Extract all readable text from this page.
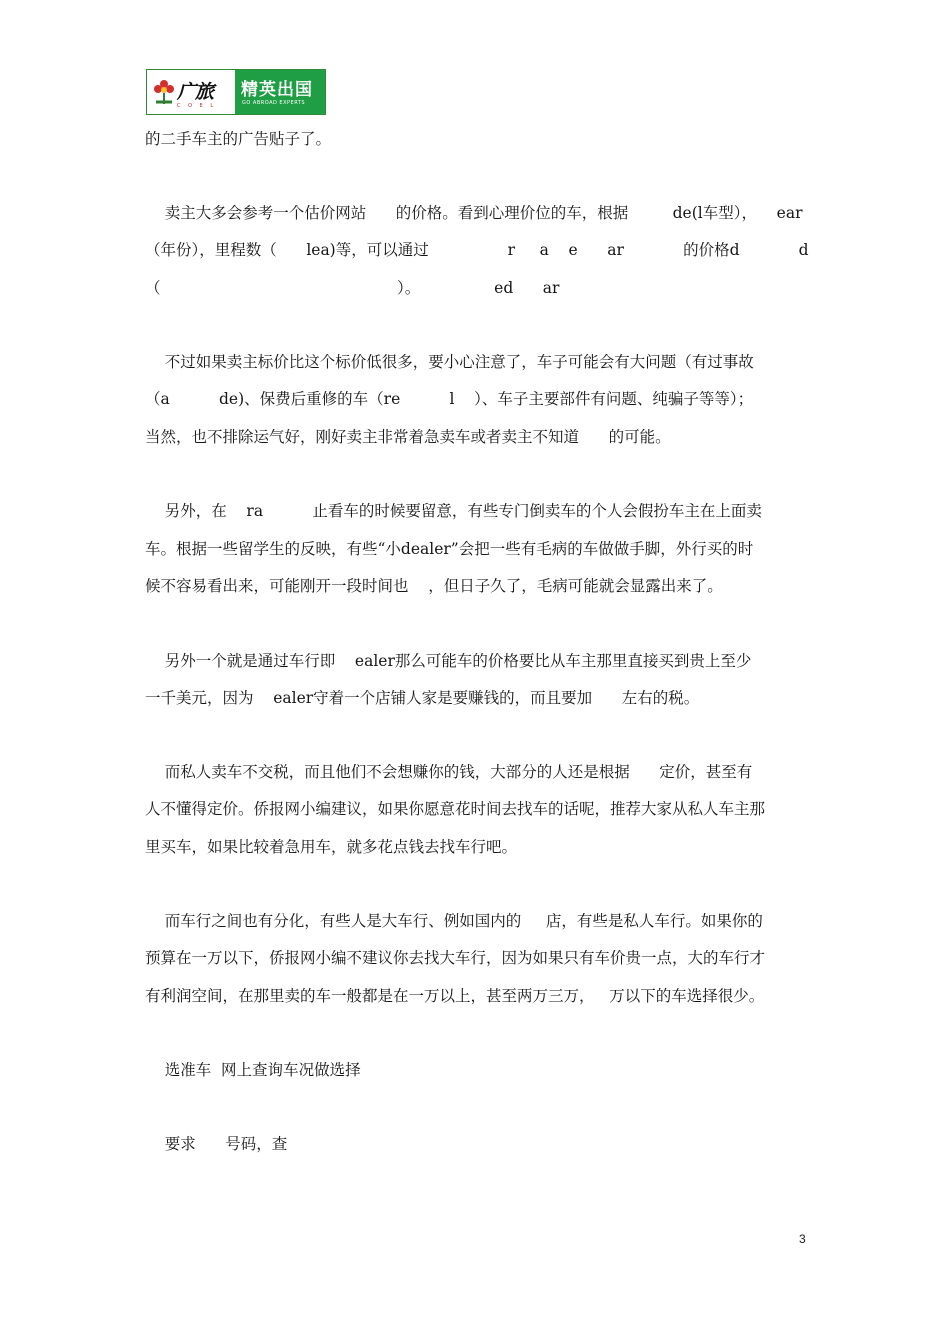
广旅
C O E L
精英出国
GO ABROAD EXPERTS
的二手车主的广告贴子了。
卖主大多会参考一个估价网站      的价格。看到心理价位的车，根据         de(l车型），    ear
（年份），里程数（      lea)等，可以通过                r     a    e      ar            的价格d            d
（                                                ）。               ed      ar
不过如果卖主标价比这个标价低很多，要小心注意了，车子可能会有大问题（有过事故
（a          de)、保费后重修的车（re          l    ）、车子主要部件有问题、纯骗子等等）；
当然，也不排除运气好，刚好卖主非常着急卖车或者卖主不知道      的可能。
另外，在    ra          止看车的时候要留意，有些专门倒卖车的个人会假扮车主在上面卖
车。根据一些留学生的反映，有些“小dealer”会把一些有毛病的车做做手脚，外行买的时
候不容易看出来，可能刚开一段时间也    ，但日子久了，毛病可能就会显露出来了。
另外一个就是通过车行即    ealer那么可能车的价格要比从车主那里直接买到贵上至少
一千美元，因为    ealer守着一个店铺人家是要赚钱的，而且要加      左右的税。
而私人卖车不交税，而且他们不会想赚你的钱，大部分的人还是根据      定价，甚至有
人不懂得定价。侨报网小编建议，如果你愿意花时间去找车的话呢，推荐大家从私人车主那
里买车，如果比较着急用车，就多花点钱去找车行吧。
而车行之间也有分化，有些人是大车行、例如国内的     店，有些是私人车行。如果你的
预算在一万以下，侨报网小编不建议你去找大车行，因为如果只有车价贵一点，大的车行才
有利润空间，在那里卖的车一般都是在一万以上，甚至两万三万，   万以下的车选择很少。
选准车  网上查询车况做选择
要求      号码，查
3
